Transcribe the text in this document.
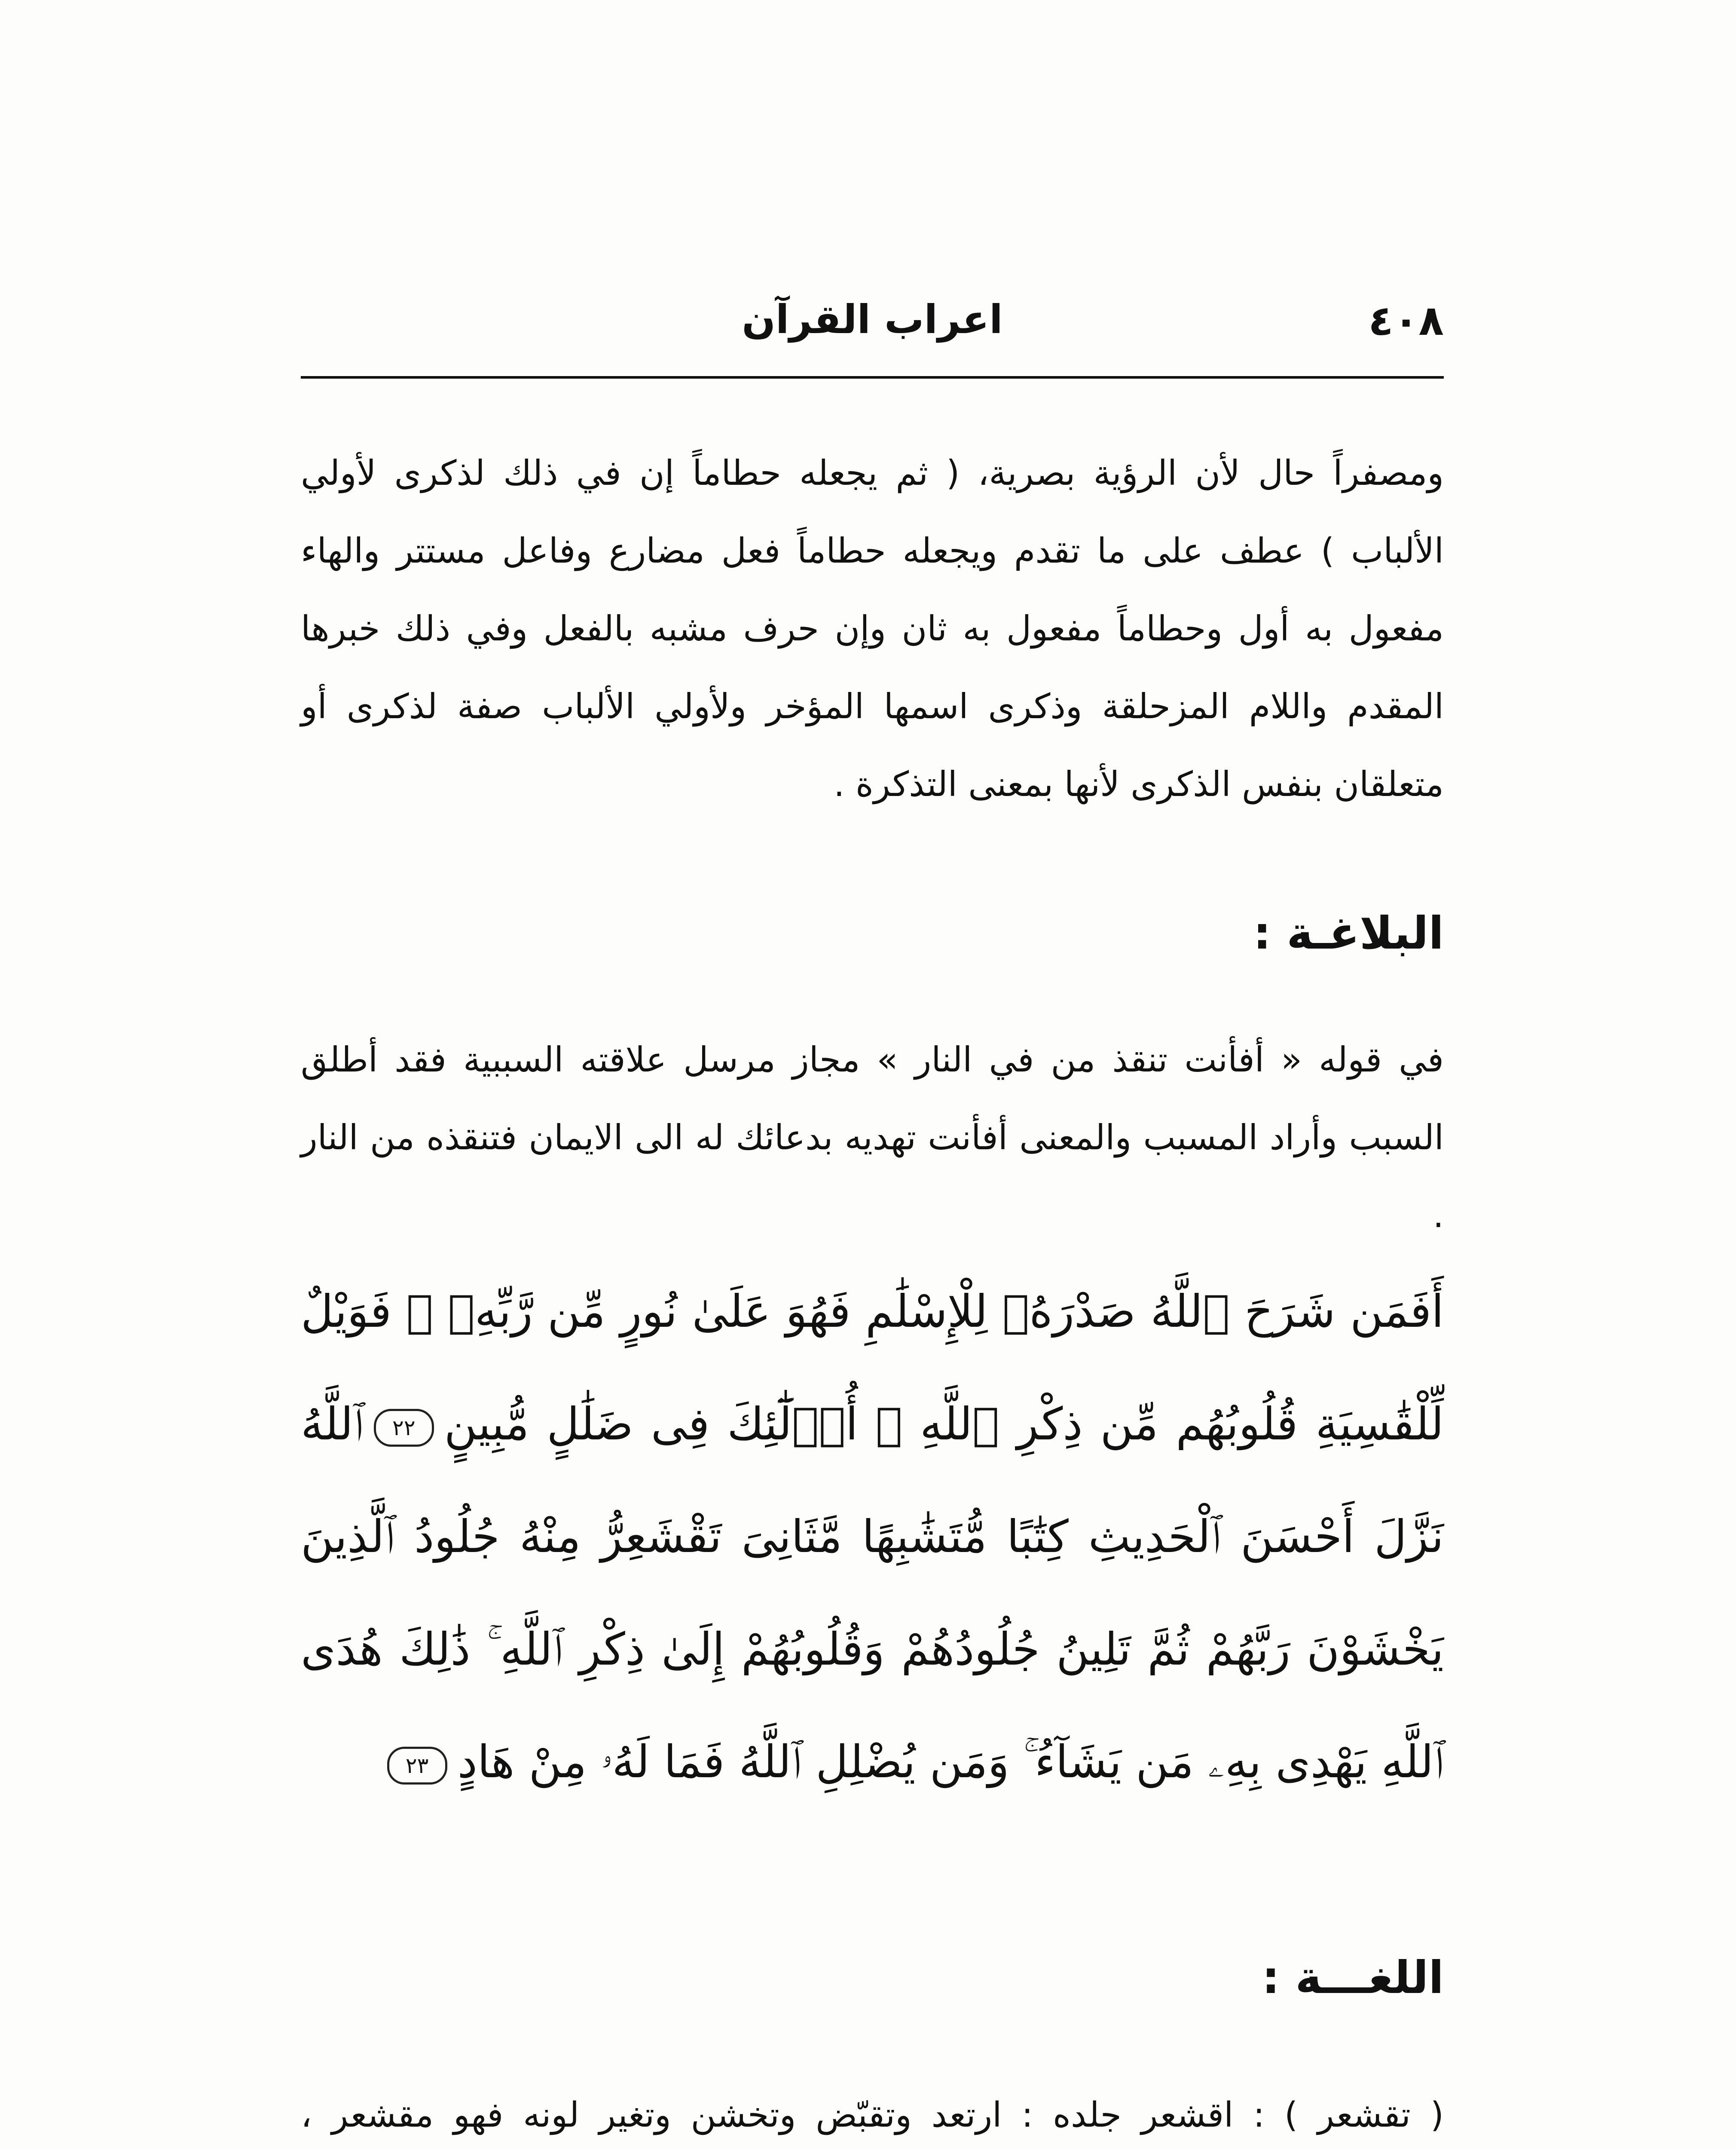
٤٠٨
اعراب القرآن

ومصفراً حال لأن الرؤية بصرية، ( ثم يجعله حطاماً إن في ذلك لذكرى لأولي الألباب ) عطف على ما تقدم ويجعله حطاماً فعل مضارع وفاعل مستتر والهاء مفعول به أول وحطاماً مفعول به ثان وإن حرف مشبه بالفعل وفي ذلك خبرها المقدم واللام المزحلقة وذكرى اسمها المؤخر ولأولي الألباب صفة لذكرى أو متعلقان بنفس الذكرى لأنها بمعنى التذكرة .

البلاغـة :

في قوله « أفأنت تنقذ من في النار » مجاز مرسل علاقته السببية فقد أطلق السبب وأراد المسبب والمعنى أفأنت تهديه بدعائك له الى الايمان فتنقذه من النار .

أَفَمَن شَرَحَ ٱللَّهُ صَدْرَهُۥ لِلْإِسْلَٰمِ فَهُوَ عَلَىٰ نُورٍ مِّن رَّبِّهِۦ ۚ فَوَيْلٌ لِّلْقَٰسِيَةِ قُلُوبُهُم مِّن ذِكْرِ ٱللَّهِ ۚ أُو۟لَٰٓئِكَ فِى ضَلَٰلٍ مُّبِينٍ
٢٢
ٱللَّهُ نَزَّلَ أَحْسَنَ ٱلْحَدِيثِ كِتَٰبًا مُّتَشَٰبِهًا مَّثَانِىَ تَقْشَعِرُّ مِنْهُ جُلُودُ ٱلَّذِينَ يَخْشَوْنَ رَبَّهُمْ ثُمَّ تَلِينُ جُلُودُهُمْ وَقُلُوبُهُمْ إِلَىٰ ذِكْرِ ٱللَّهِ ۚ ذَٰلِكَ هُدَى ٱللَّهِ يَهْدِى بِهِۦ مَن يَشَآءُ ۚ وَمَن يُضْلِلِ ٱللَّهُ فَمَا لَهُۥ مِنْ هَادٍ
٢٣

اللغـــة :

( تقشعر ) : اقشعر جلده : ارتعد وتقبّض وتخشن وتغير لونه فهو مقشعر ،
